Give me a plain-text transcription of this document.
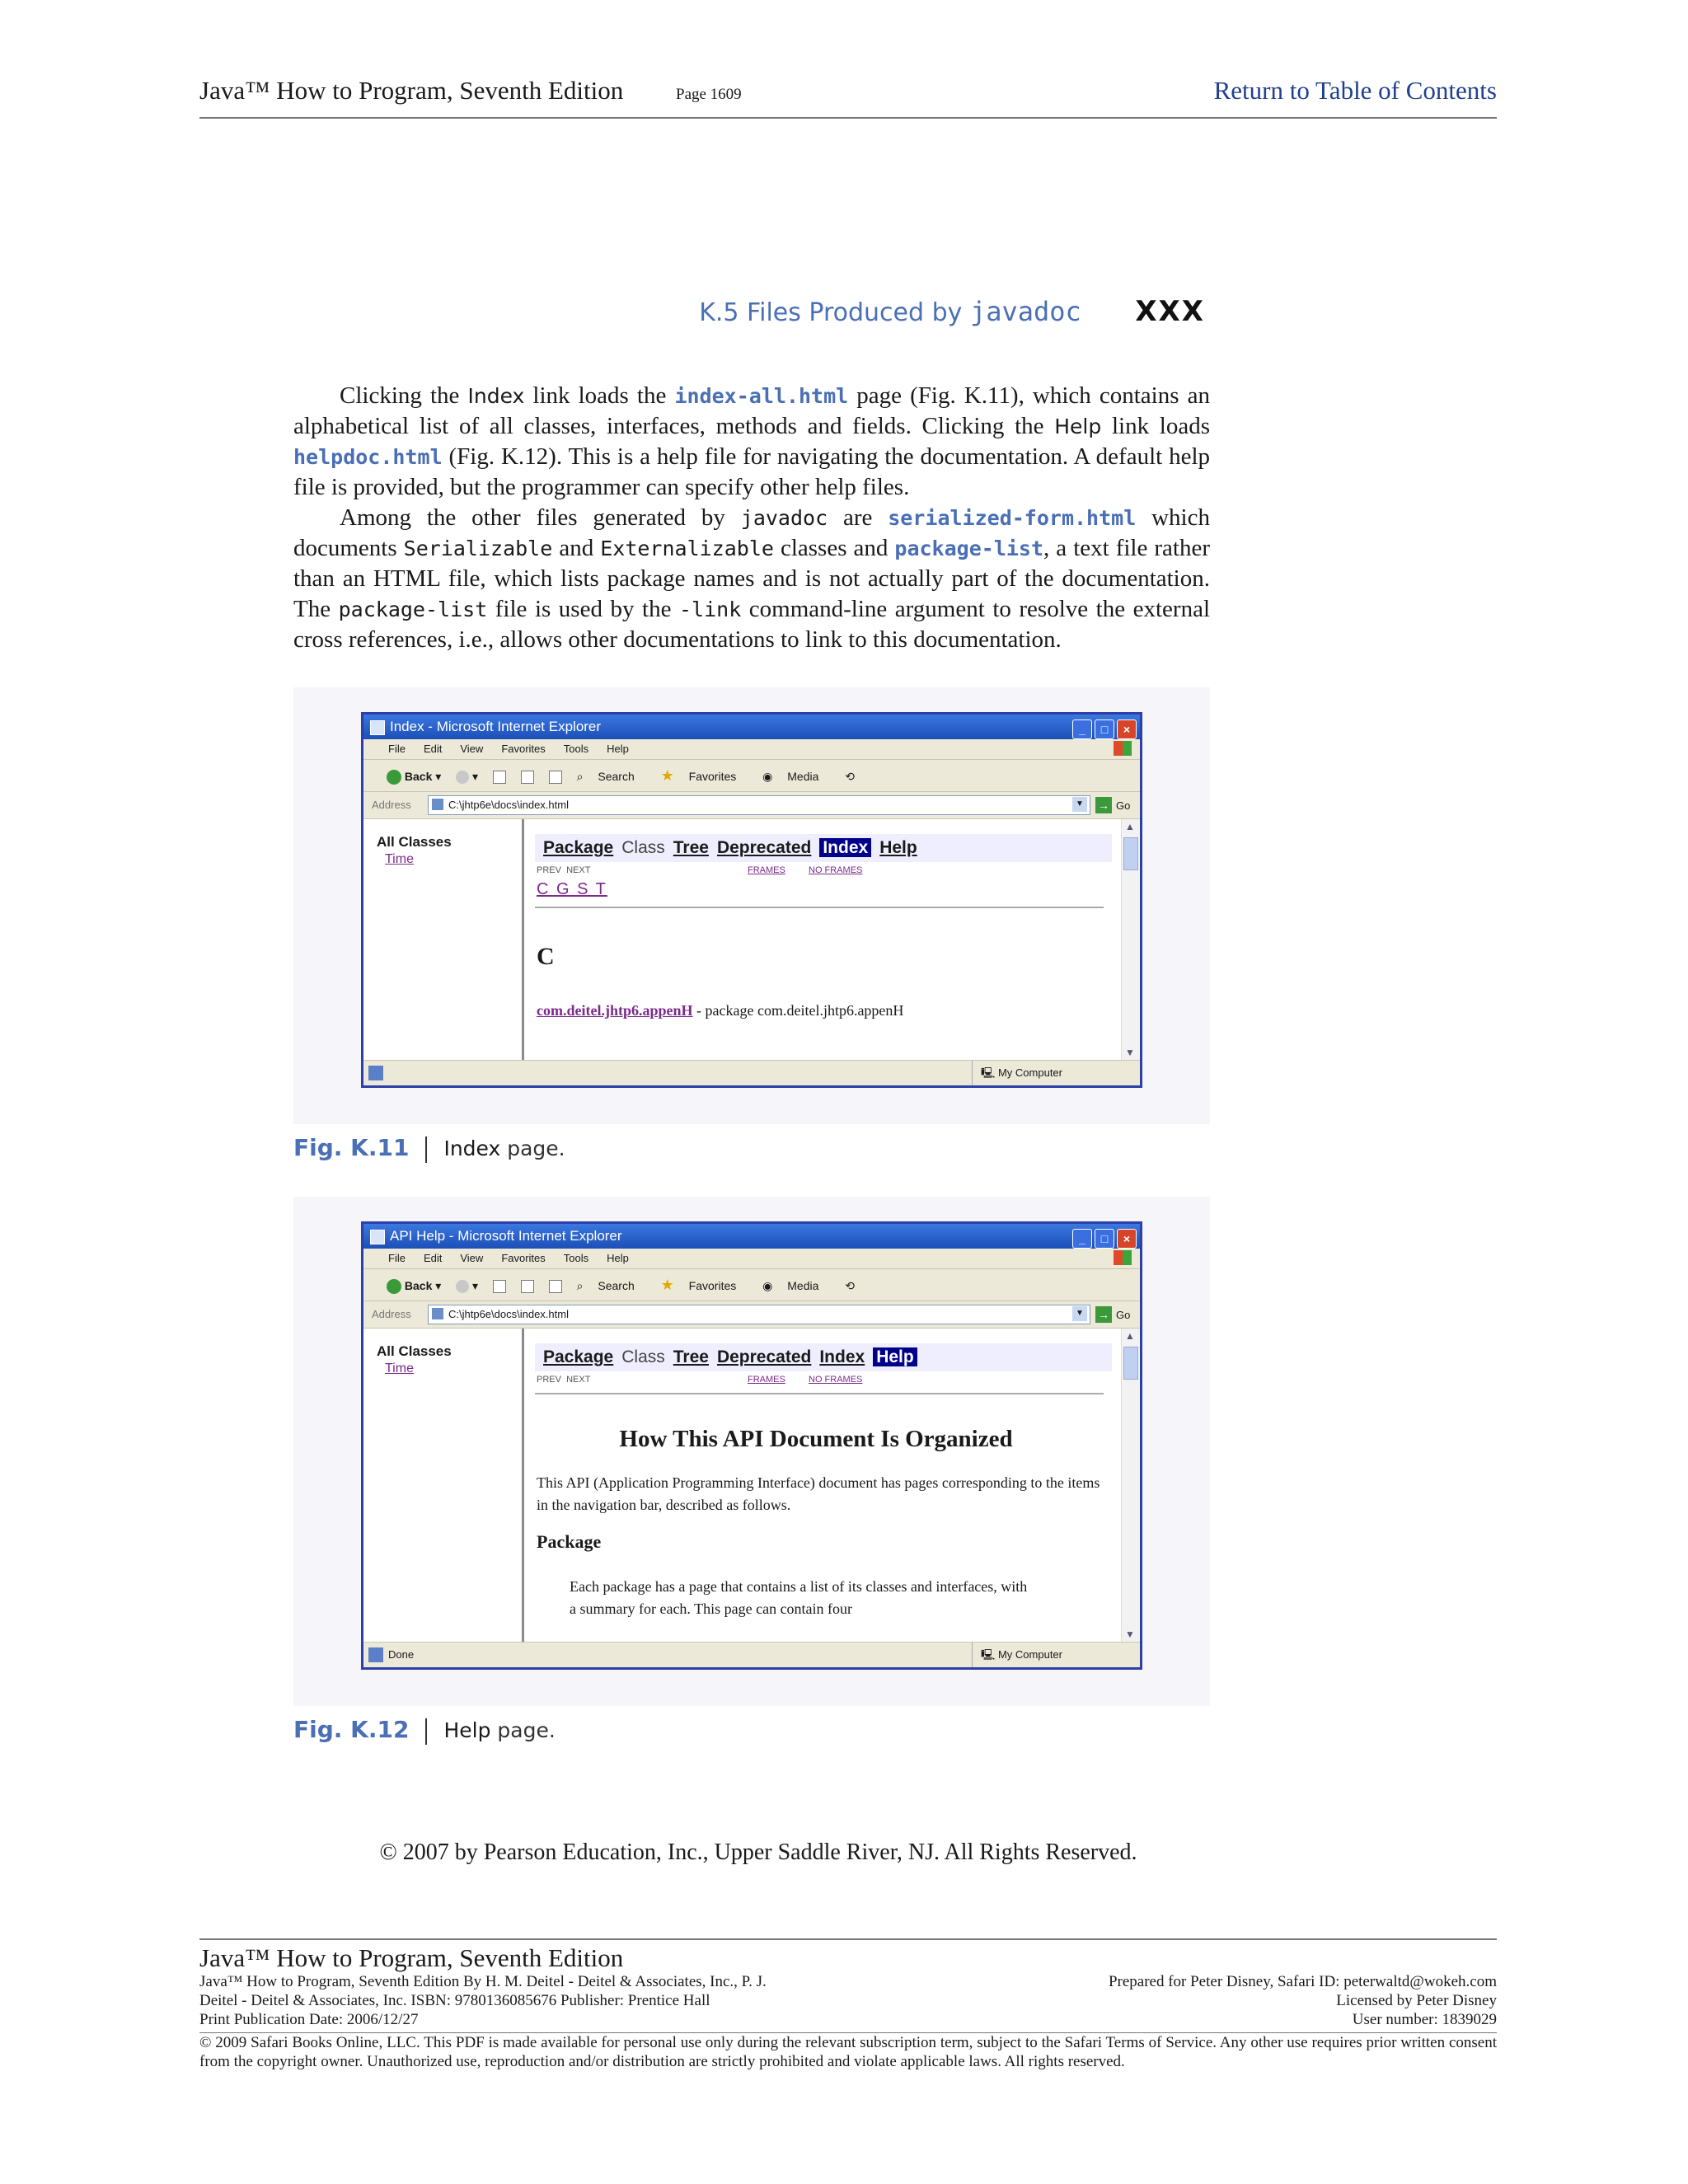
Java™ How to Program, Seventh Edition	Page 1609	Return to Table of Contents
K.5 Files Produced by javadoc XXX

Clicking the Index link loads the index-all.html page (Fig. K.11), which contains an alphabetical list of all classes, interfaces, methods and fields. Clicking the Help link loads helpdoc.html (Fig. K.12). This is a help file for navigating the documentation. A default help file is provided, but the programmer can specify other help files.

Among the other files generated by javadoc are serialized-form.html which documents Serializable and Externalizable classes and package-list, a text file rather than an HTML file, which lists package names and is not actually part of the documentation. The package-list file is used by the -link command-line argument to resolve the external cross references, i.e., allows other documentations to link to this documentation.

Index - Microsoft Internet Explorer	_ □ ×
File Edit View Favorites Tools Help
Back ▾  ▾	⌕ Search ★ Favorites ◉ Media ⟲
Address	C:\jhtp6e\docs\index.html	▼ → Go
All Classes
Time
Package Class Tree Deprecated Index Help
PREV NEXT	FRAMES	NO FRAMES
C G S T
C
com.deitel.jhtp6.appenH - package com.deitel.jhtp6.appenH
▲
▼
🖳 My Computer
Fig. K.11 Index page.
API Help - Microsoft Internet Explorer	_ □ ×
File Edit View Favorites Tools Help
Back ▾  ▾	⌕ Search ★ Favorites ◉ Media ⟲
Address	C:\jhtp6e\docs\index.html	▼ → Go
All Classes
Time
Package Class Tree Deprecated Index Help
PREV NEXT	FRAMES	NO FRAMES
How This API Document Is Organized
This API (Application Programming Interface) document has pages corresponding to the items in the navigation bar, described as follows.
Package
Each package has a page that contains a list of its classes and interfaces, with a summary for each. This page can contain four
▲
▼
Done	🖳 My Computer
Fig. K.12 Help page.
© 2007 by Pearson Education, Inc., Upper Saddle River, NJ. All Rights Reserved.
Java™ How to Program, Seventh Edition
Java™ How to Program, Seventh Edition By H. M. Deitel - Deitel & Associates, Inc., P. J.	Prepared for Peter Disney, Safari ID: peterwaltd@wokeh.com
Deitel - Deitel & Associates, Inc. ISBN: 9780136085676 Publisher: Prentice Hall	Licensed by Peter Disney
Print Publication Date: 2006/12/27	User number: 1839029
© 2009 Safari Books Online, LLC. This PDF is made available for personal use only during the relevant subscription term, subject to the Safari Terms of Service. Any other use requires prior written consent from the copyright owner. Unauthorized use, reproduction and/or distribution are strictly prohibited and violate applicable laws. All rights reserved.
